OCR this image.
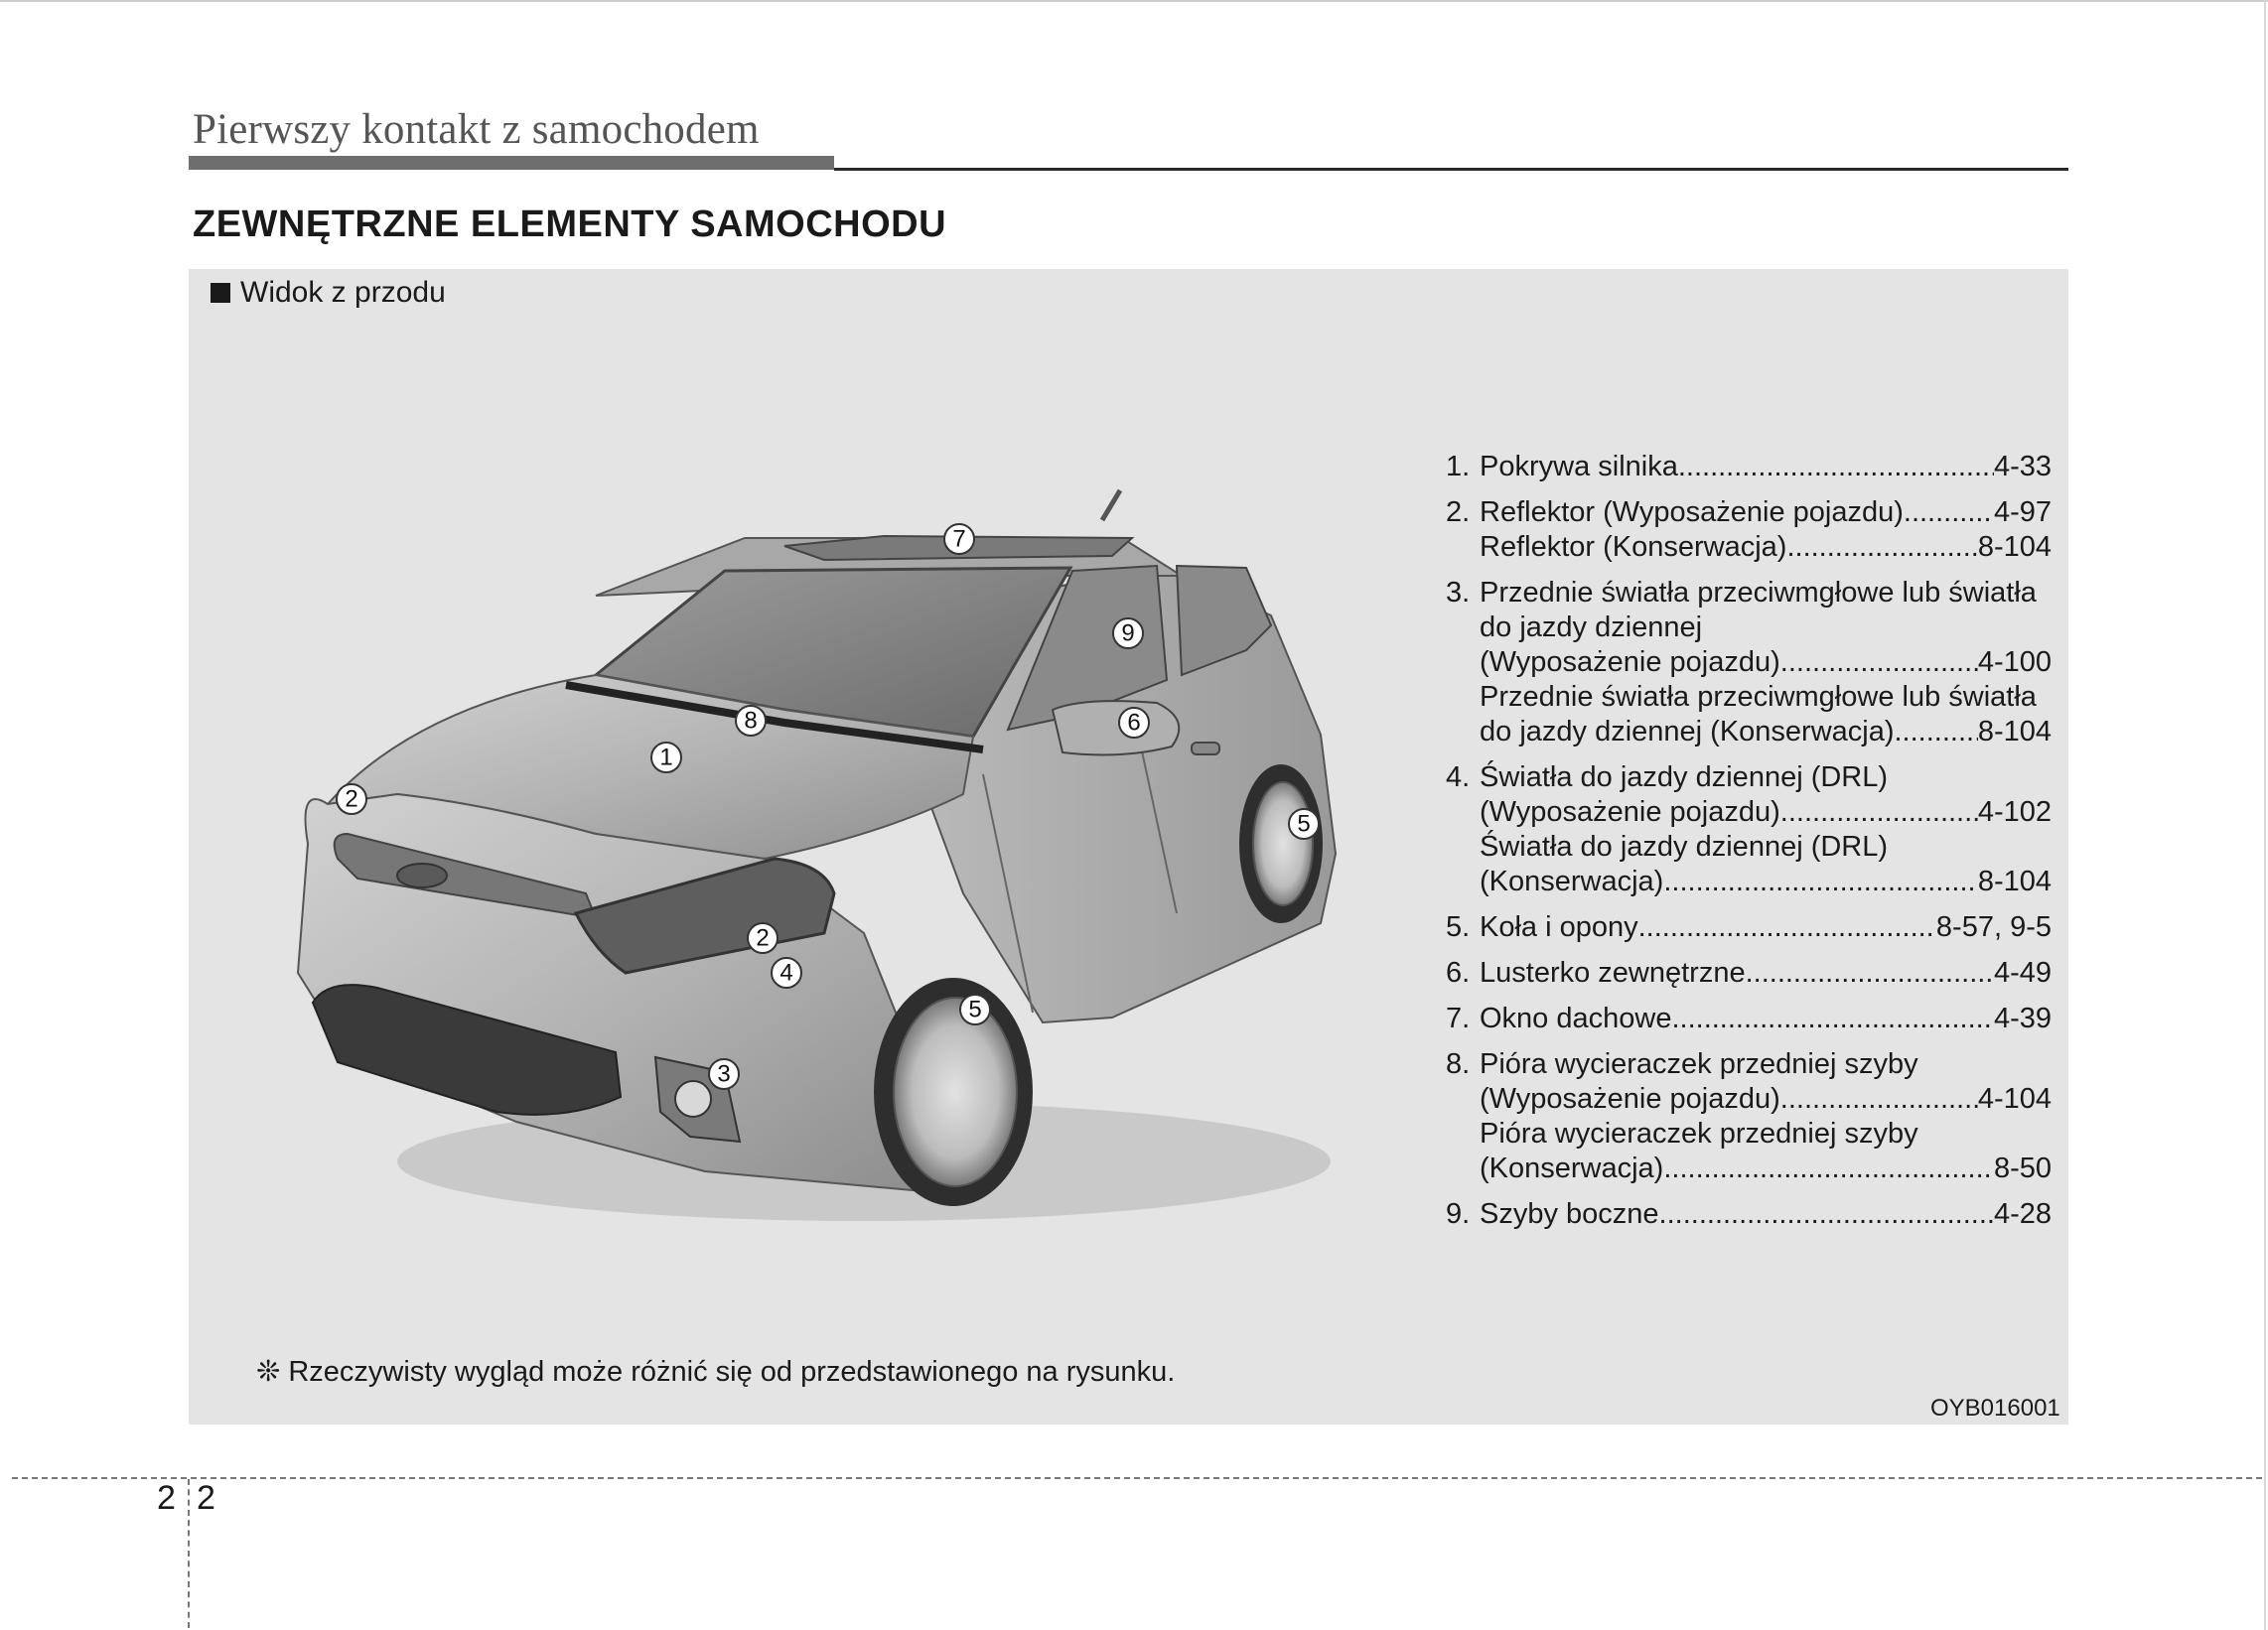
Pierwszy kontakt z samochodem
ZEWNĘTRZNE ELEMENTY SAMOCHODU
Widok z przodu
1
2
2
3
4
5
5
6
7
8
9
1. Pokrywa silnika .....	4-33
2. Reflektor (Wyposażenie pojazdu) .....	4-97
Reflektor (Konserwacja) .....	8-104
3. Przednie światła przeciwmgłowe lub światła
do jazdy dziennej
(Wyposażenie pojazdu) .....	4-100
Przednie światła przeciwmgłowe lub światła
do jazdy dziennej (Konserwacja) .....	8-104
4. Światła do jazdy dziennej (DRL)
(Wyposażenie pojazdu) .....	4-102
Światła do jazdy dziennej (DRL)
(Konserwacja) .....	8-104
5. Koła i opony .....	8-57, 9-5
6. Lusterko zewnętrzne .....	4-49
7. Okno dachowe .....	4-39
8. Pióra wycieraczek przedniej szyby
(Wyposażenie pojazdu) .....	4-104
Pióra wycieraczek przedniej szyby
(Konserwacja) .....	8-50
9. Szyby boczne .....	4-28
❊ Rzeczywisty wygląd może różnić się od przedstawionego na rysunku.
OYB016001
2 2
